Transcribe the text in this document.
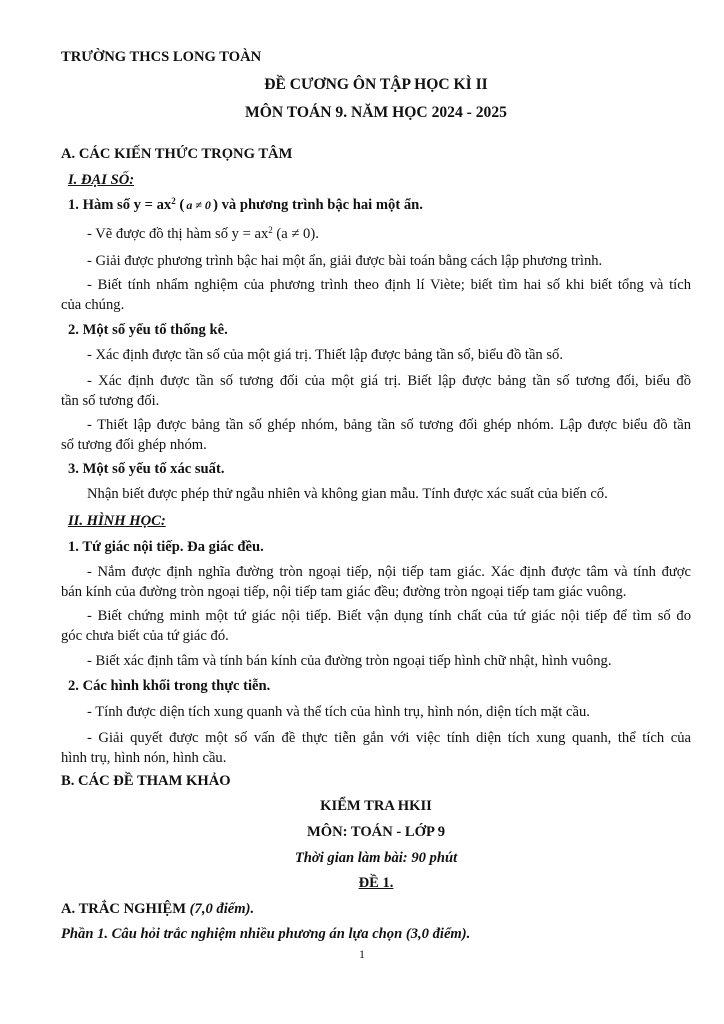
TRƯỜNG THCS LONG TOÀN
ĐỀ CƯƠNG ÔN TẬP HỌC KÌ II
MÔN TOÁN 9. NĂM HỌC 2024 - 2025
A. CÁC KIẾN THỨC TRỌNG TÂM
I. ĐẠI SỐ:
1. Hàm số $y = ax^2$ ( a ≠ 0 ) và phương trình bậc hai một ẩn.
- Vẽ được đồ thị hàm số $y = ax^2$ (a ≠ 0).
- Giải được phương trình bậc hai một ẩn, giải được bài toán bằng cách lập phương trình.
- Biết tính nhẩm nghiệm của phương trình theo định lí Viète; biết tìm hai số khi biết tổng và tích
của chúng.
2. Một số yếu tố thống kê.
- Xác định được tần số của một giá trị. Thiết lập được bảng tần số, biểu đồ tần số.
- Xác định được tần số tương đối của một giá trị. Biết lập được bảng tần số tương đối, biểu đồ
tần số tương đối.
- Thiết lập được bảng tần số ghép nhóm, bảng tần số tương đối ghép nhóm. Lập được biểu đồ tần
số tương đối ghép nhóm.
3. Một số yếu tố xác suất.
Nhận biết được phép thử ngẫu nhiên và không gian mẫu. Tính được xác suất của biến cố.
II. HÌNH HỌC:
1. Tứ giác nội tiếp. Đa giác đều.
- Nắm được định nghĩa đường tròn ngoại tiếp, nội tiếp tam giác. Xác định được tâm và tính được
bán kính của đường tròn ngoại tiếp, nội tiếp tam giác đều; đường tròn ngoại tiếp tam giác vuông.
- Biết chứng minh một tứ giác nội tiếp. Biết vận dụng tính chất của tứ giác nội tiếp để tìm số đo
góc chưa biết của tứ giác đó.
- Biết xác định tâm và tính bán kính của đường tròn ngoại tiếp hình chữ nhật, hình vuông.
2. Các hình khối trong thực tiễn.
- Tính được diện tích xung quanh và thể tích của hình trụ, hình nón, diện tích mặt cầu.
- Giải quyết được một số vấn đề thực tiễn gắn với việc tính diện tích xung quanh, thể tích của
hình trụ, hình nón, hình cầu.
B. CÁC ĐỀ THAM KHẢO
KIỂM TRA HKII
MÔN: TOÁN - LỚP 9
Thời gian làm bài: 90 phút
ĐỀ 1.
A. TRẮC NGHIỆM (7,0 điểm).
Phần 1. Câu hỏi trắc nghiệm nhiều phương án lựa chọn (3,0 điểm).
1
